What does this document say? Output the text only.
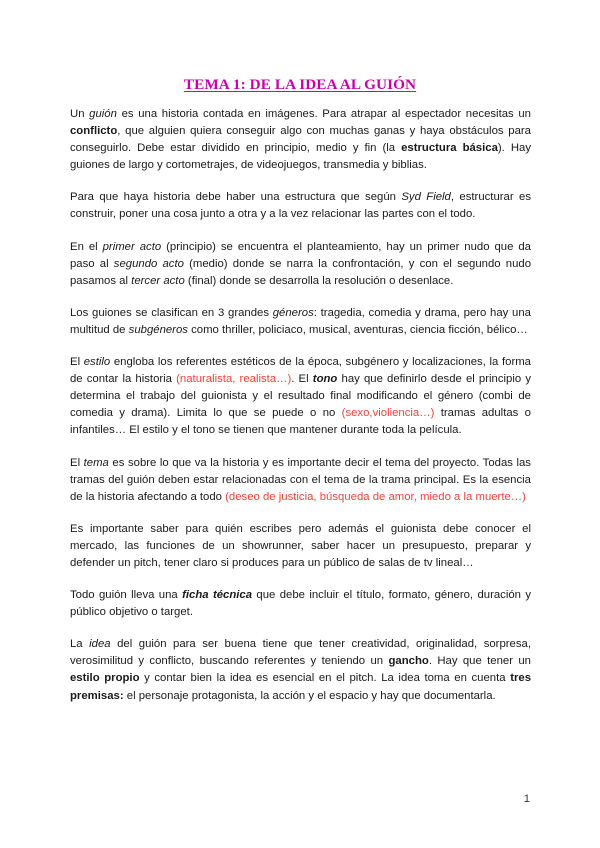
TEMA 1: DE LA IDEA AL GUIÓN

Un guión es una historia contada en imágenes. Para atrapar al espectador necesitas un conflicto, que alguien quiera conseguir algo con muchas ganas y haya obstáculos para conseguirlo. Debe estar dividido en principio, medio y fin (la estructura básica). Hay guiones de largo y cortometrajes, de videojuegos, transmedia y biblias.

Para que haya historia debe haber una estructura que según Syd Field, estructurar es construir, poner una cosa junto a otra y a la vez relacionar las partes con el todo.

En el primer acto (principio) se encuentra el planteamiento, hay un primer nudo que da paso al segundo acto (medio) donde se narra la confrontación, y con el segundo nudo pasamos al tercer acto (final) donde se desarrolla la resolución o desenlace.

Los guiones se clasifican en 3 grandes géneros: tragedia, comedia y drama, pero hay una multitud de subgéneros como thriller, policiaco, musical, aventuras, ciencia ficción, bélico…

El estilo engloba los referentes estéticos de la época, subgénero y localizaciones, la forma de contar la historia (naturalista, realista…). El tono hay que definirlo desde el principio y determina el trabajo del guionista y el resultado final modificando el género (combi de comedia y drama). Limita lo que se puede o no (sexo,violiencia…) tramas adultas o infantiles… El estilo y el tono se tienen que mantener durante toda la película.

El tema es sobre lo que va la historia y es importante decir el tema del proyecto. Todas las tramas del guión deben estar relacionadas con el tema de la trama principal. Es la esencia de la historia afectando a todo (deseo de justicia, búsqueda de amor, miedo a la muerte…)

Es importante saber para quién escribes pero además el guionista debe conocer el mercado, las funciones de un showrunner, saber hacer un presupuesto, preparar y defender un pitch, tener claro si produces para un público de salas de tv lineal…

Todo guión lleva una ficha técnica que debe incluir el título, formato, género, duración y público objetivo o target.

La idea del guión para ser buena tiene que tener creatividad, originalidad, sorpresa, verosimilitud y conflicto, buscando referentes y teniendo un gancho. Hay que tener un estilo propio y contar bien la idea es esencial en el pitch. La idea toma en cuenta tres premisas: el personaje protagonista, la acción y el espacio y hay que documentarla.

1
